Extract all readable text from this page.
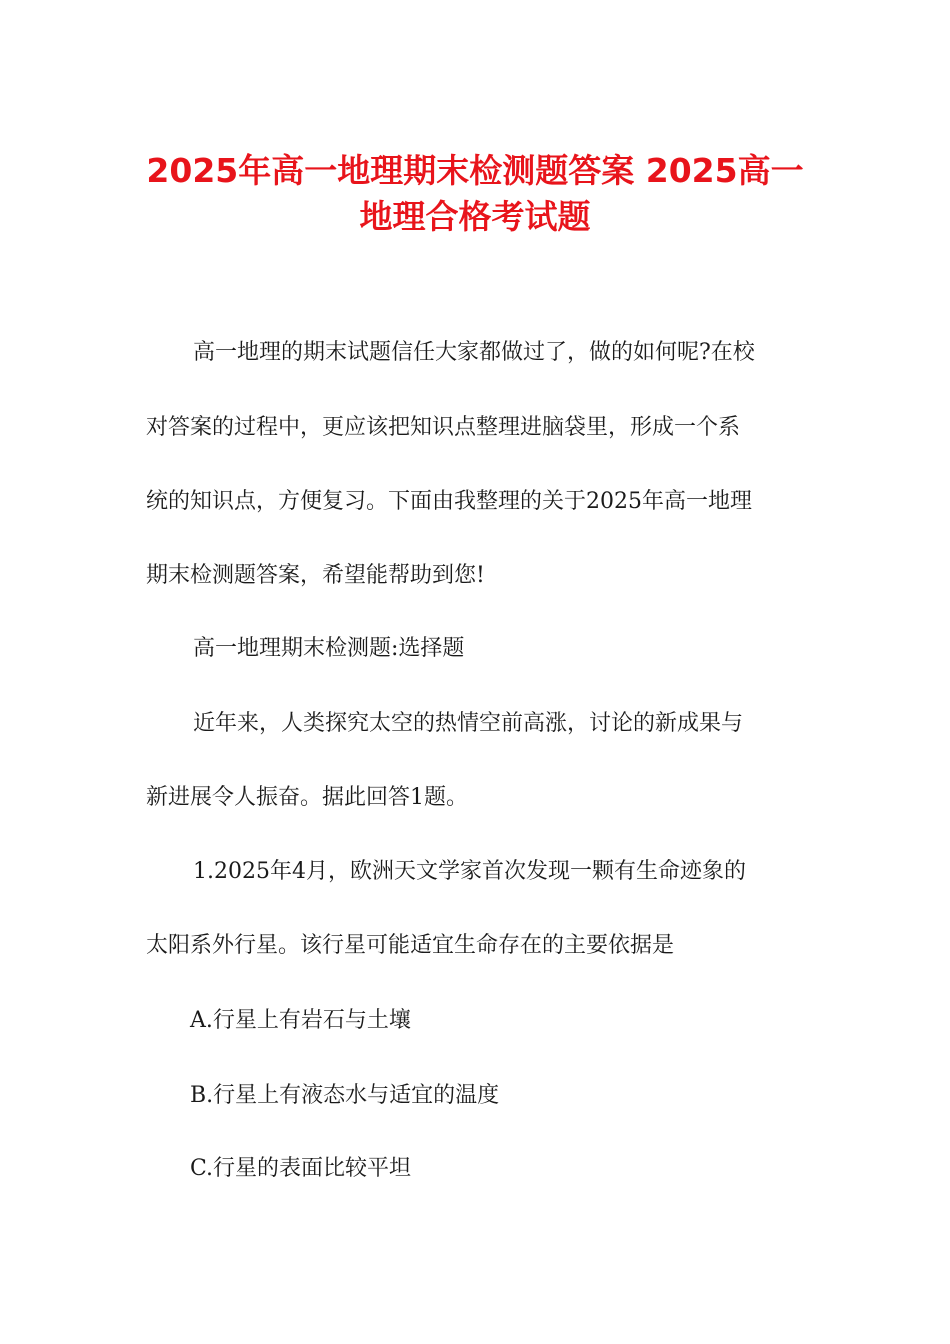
2025年高一地理期末检测题答案 2025高一
地理合格考试题

高一地理的期末试题信任大家都做过了，做的如何呢?在校

对答案的过程中，更应该把知识点整理进脑袋里，形成一个系

统的知识点，方便复习。下面由我整理的关于2025年高一地理

期末检测题答案，希望能帮助到您!

高一地理期末检测题:选择题

近年来，人类探究太空的热情空前高涨，讨论的新成果与

新进展令人振奋。据此回答1题。

1.2025年4月，欧洲天文学家首次发现一颗有生命迹象的

太阳系外行星。该行星可能适宜生命存在的主要依据是

A.行星上有岩石与土壤

B.行星上有液态水与适宜的温度

C.行星的表面比较平坦
